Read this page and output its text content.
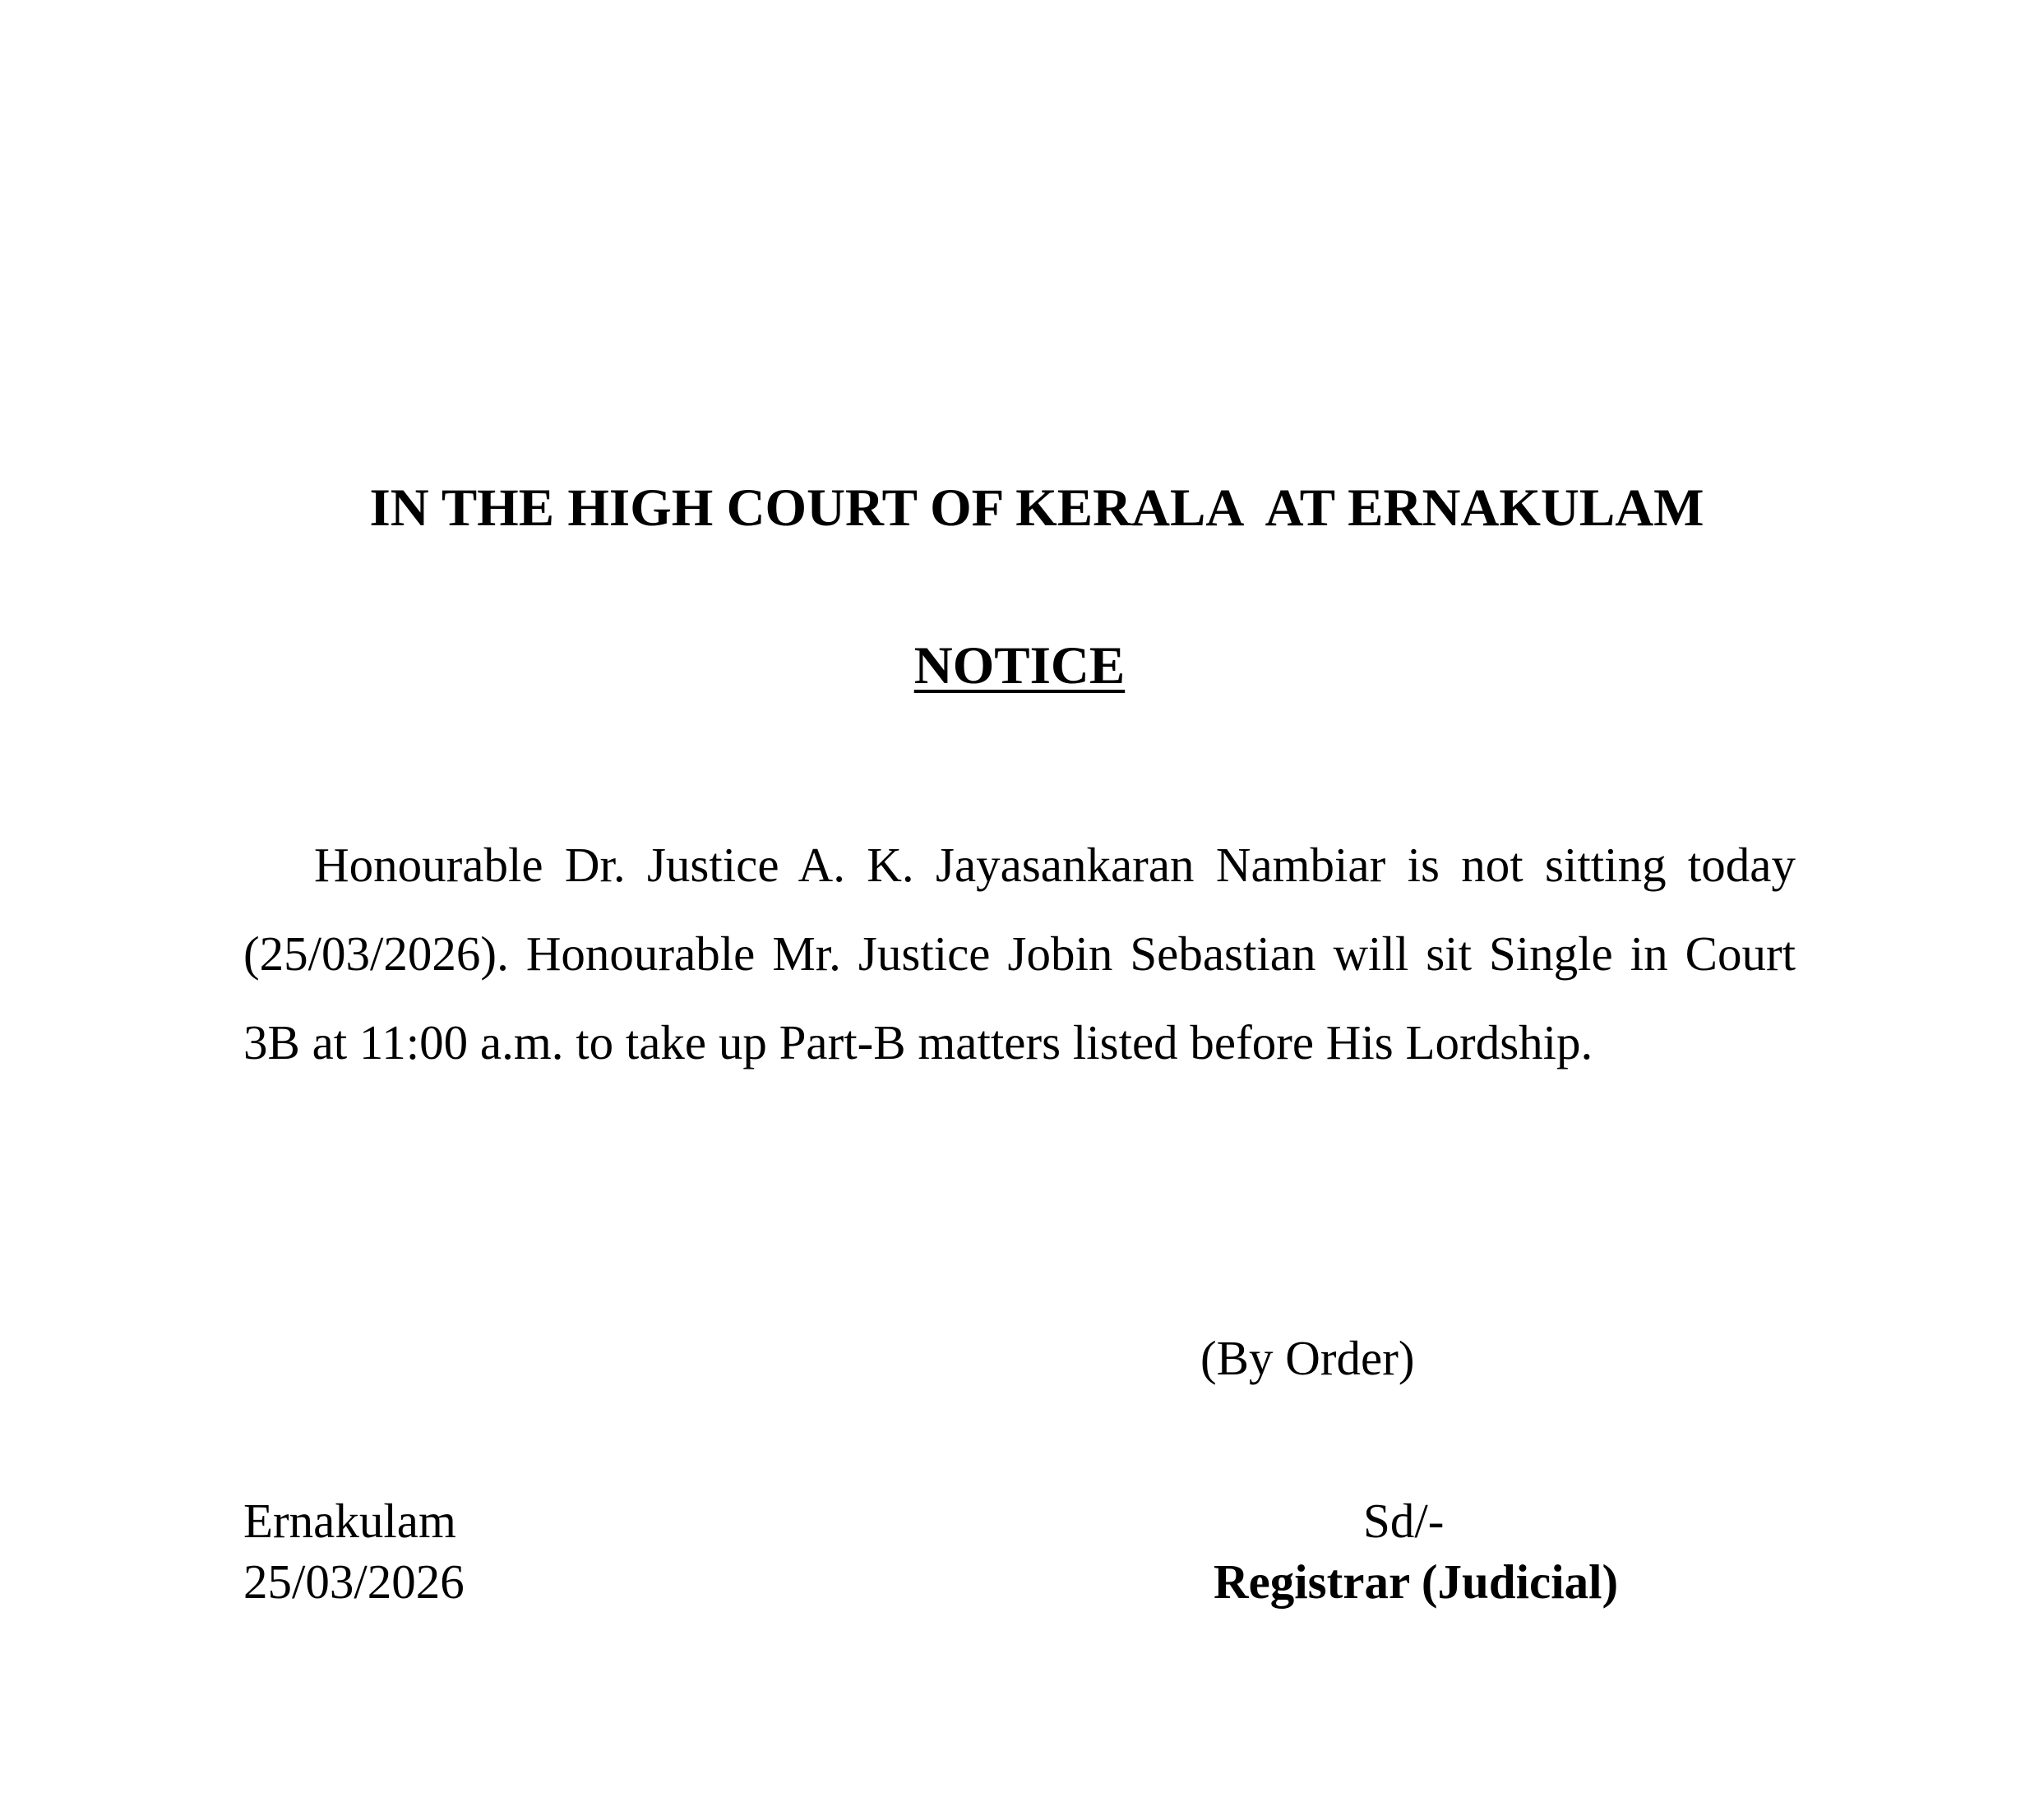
IN THE HIGH COURT OF KERALA  AT ERNAKULAM
NOTICE

Honourable Dr. Justice A. K. Jayasankaran Nambiar is not sitting today (25/03/2026). Honourable Mr. Justice Jobin Sebastian will sit Single in Court 3B at 11:00 a.m. to take up Part-B matters listed before His Lordship.

(By Order)

Ernakulam

25/03/2026

Sd/-

Registrar (Judicial)
